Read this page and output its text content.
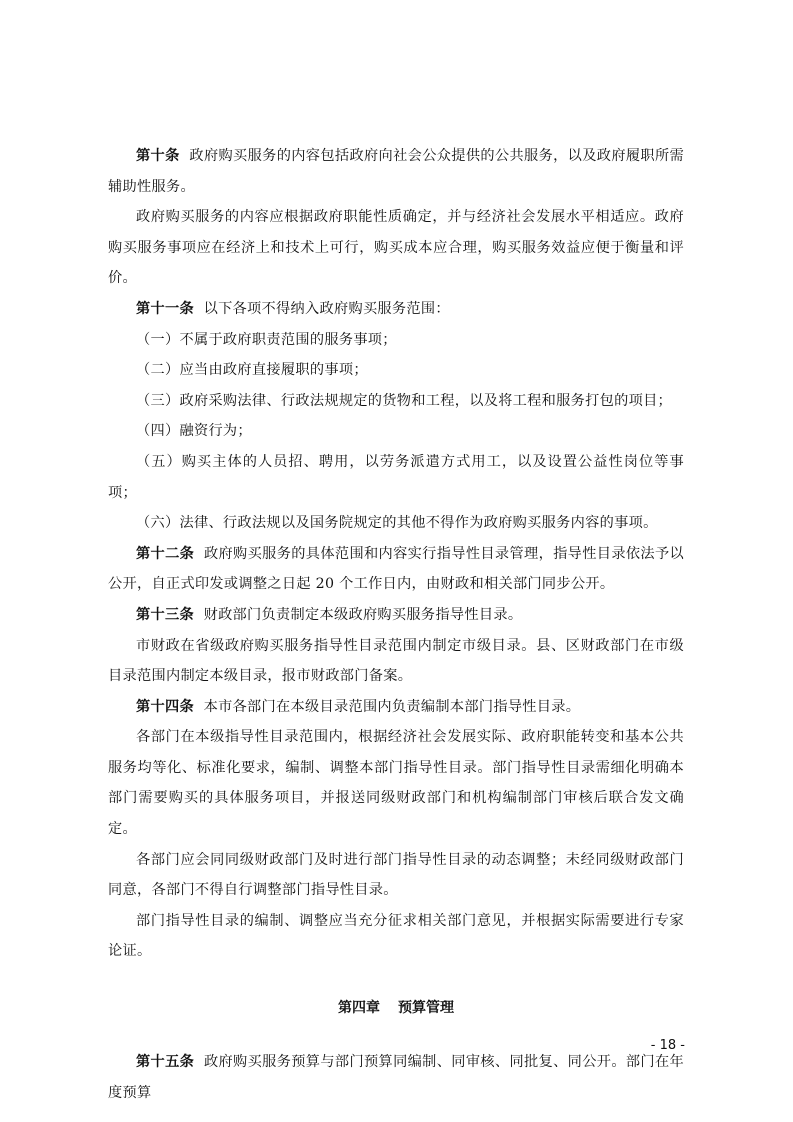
第十条 政府购买服务的内容包括政府向社会公众提供的公共服务，以及政府履职所需辅助性服务。

政府购买服务的内容应根据政府职能性质确定，并与经济社会发展水平相适应。政府购买服务事项应在经济上和技术上可行，购买成本应合理，购买服务效益应便于衡量和评价。

第十一条 以下各项不得纳入政府购买服务范围：

（一）不属于政府职责范围的服务事项；

（二）应当由政府直接履职的事项；

（三）政府采购法律、行政法规规定的货物和工程，以及将工程和服务打包的项目；

（四）融资行为；

（五）购买主体的人员招、聘用，以劳务派遣方式用工，以及设置公益性岗位等事项；

（六）法律、行政法规以及国务院规定的其他不得作为政府购买服务内容的事项。

第十二条 政府购买服务的具体范围和内容实行指导性目录管理，指导性目录依法予以公开，自正式印发或调整之日起 20 个工作日内，由财政和相关部门同步公开。

第十三条 财政部门负责制定本级政府购买服务指导性目录。

市财政在省级政府购买服务指导性目录范围内制定市级目录。县、区财政部门在市级目录范围内制定本级目录，报市财政部门备案。

第十四条 本市各部门在本级目录范围内负责编制本部门指导性目录。

各部门在本级指导性目录范围内，根据经济社会发展实际、政府职能转变和基本公共服务均等化、标准化要求，编制、调整本部门指导性目录。部门指导性目录需细化明确本部门需要购买的具体服务项目，并报送同级财政部门和机构编制部门审核后联合发文确定。

各部门应会同同级财政部门及时进行部门指导性目录的动态调整；未经同级财政部门同意，各部门不得自行调整部门指导性目录。

部门指导性目录的编制、调整应当充分征求相关部门意见，并根据实际需要进行专家论证。

第四章 预算管理

第十五条 政府购买服务预算与部门预算同编制、同审核、同批复、同公开。部门在年度预算

- 18 -
